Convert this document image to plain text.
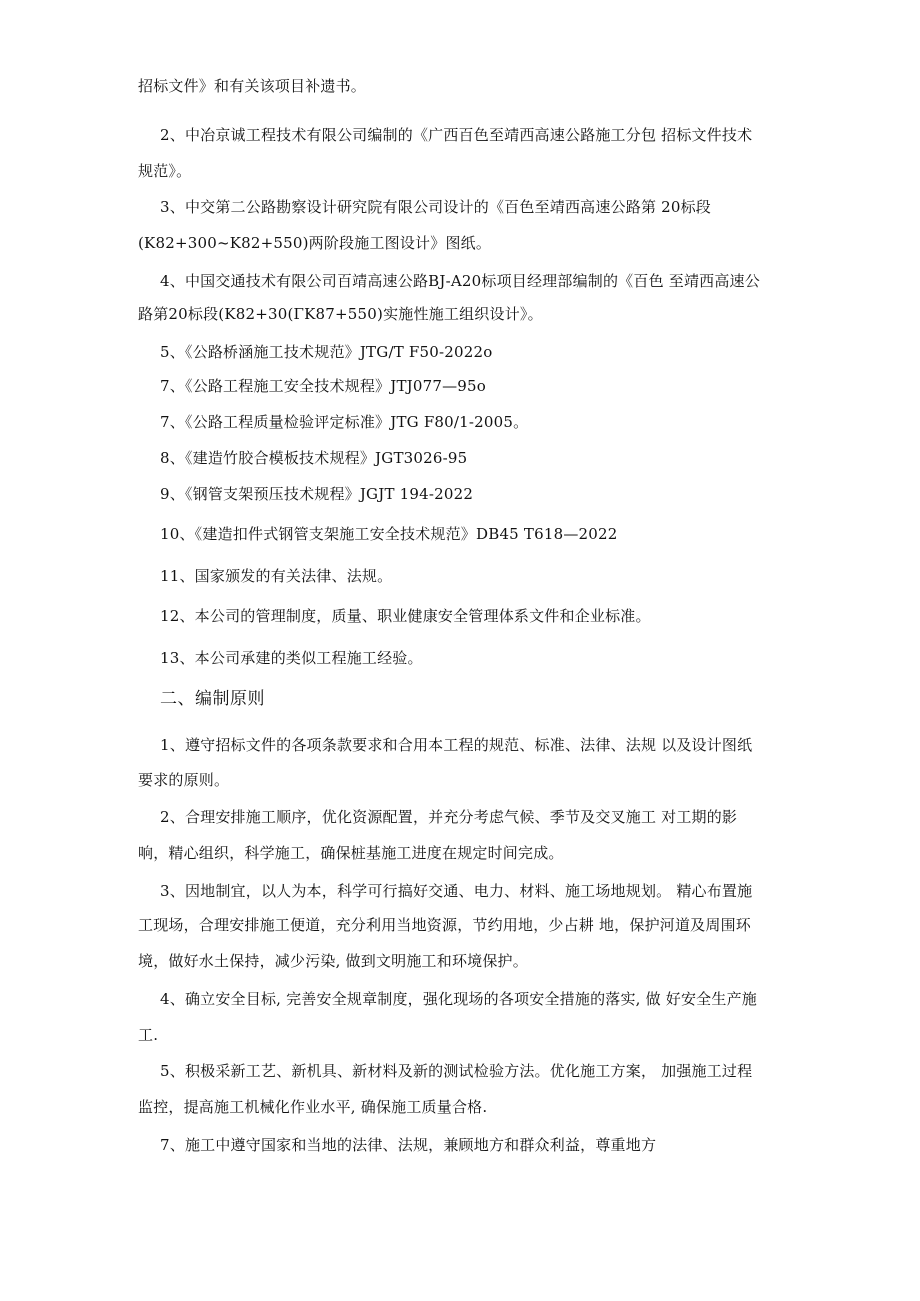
招标文件》和有关该项目补遗书。
2、中冶京诚工程技术有限公司编制的《广西百色至靖西高速公路施工分包 招标文件技术
规范》。
3、中交第二公路勘察设计研究院有限公司设计的《百色至靖西高速公路第 20标段
(K82+300~K82+550)两阶段施工图设计》图纸。
4、中国交通技术有限公司百靖高速公路BJ-A20标项目经理部编制的《百色 至靖西高速公
路第20标段(K82+30(ΓK87+550)实施性施工组织设计》。
5、《公路桥涵施工技术规范》JTG/T F50-2022o
7、《公路工程施工安全技术规程》JTJ077—95o
7、《公路工程质量检验评定标准》JTG F80/1-2005。
8、《建造竹胶合模板技术规程》JGT3026-95
9、《钢管支架预压技术规程》JGJT 194-2022
10、《建造扣件式钢管支架施工安全技术规范》DB45 T618—2022
11、国家颁发的有关法律、法规。
12、本公司的管理制度，质量、职业健康安全管理体系文件和企业标准。
13、本公司承建的类似工程施工经验。
二、编制原则
1、遵守招标文件的各项条款要求和合用本工程的规范、标准、法律、法规 以及设计图纸
要求的原则。
2、合理安排施工顺序，优化资源配置，并充分考虑气候、季节及交叉施工 对工期的影
响，精心组织，科学施工，确保桩基施工进度在规定时间完成。
3、因地制宜，以人为本，科学可行搞好交通、电力、材料、施工场地规划。 精心布置施
工现场，合理安排施工便道，充分利用当地资源，节约用地，少占耕 地，保护河道及周围环
境，做好水土保持，减少污染, 做到文明施工和环境保护。
4、确立安全目标, 完善安全规章制度，强化现场的各项安全措施的落实, 做 好安全生产施
工.
5、积极采新工艺、新机具、新材料及新的测试检验方法。优化施工方案， 加强施工过程
监控，提高施工机械化作业水平, 确保施工质量合格.
7、施工中遵守国家和当地的法律、法规，兼顾地方和群众利益，尊重地方
